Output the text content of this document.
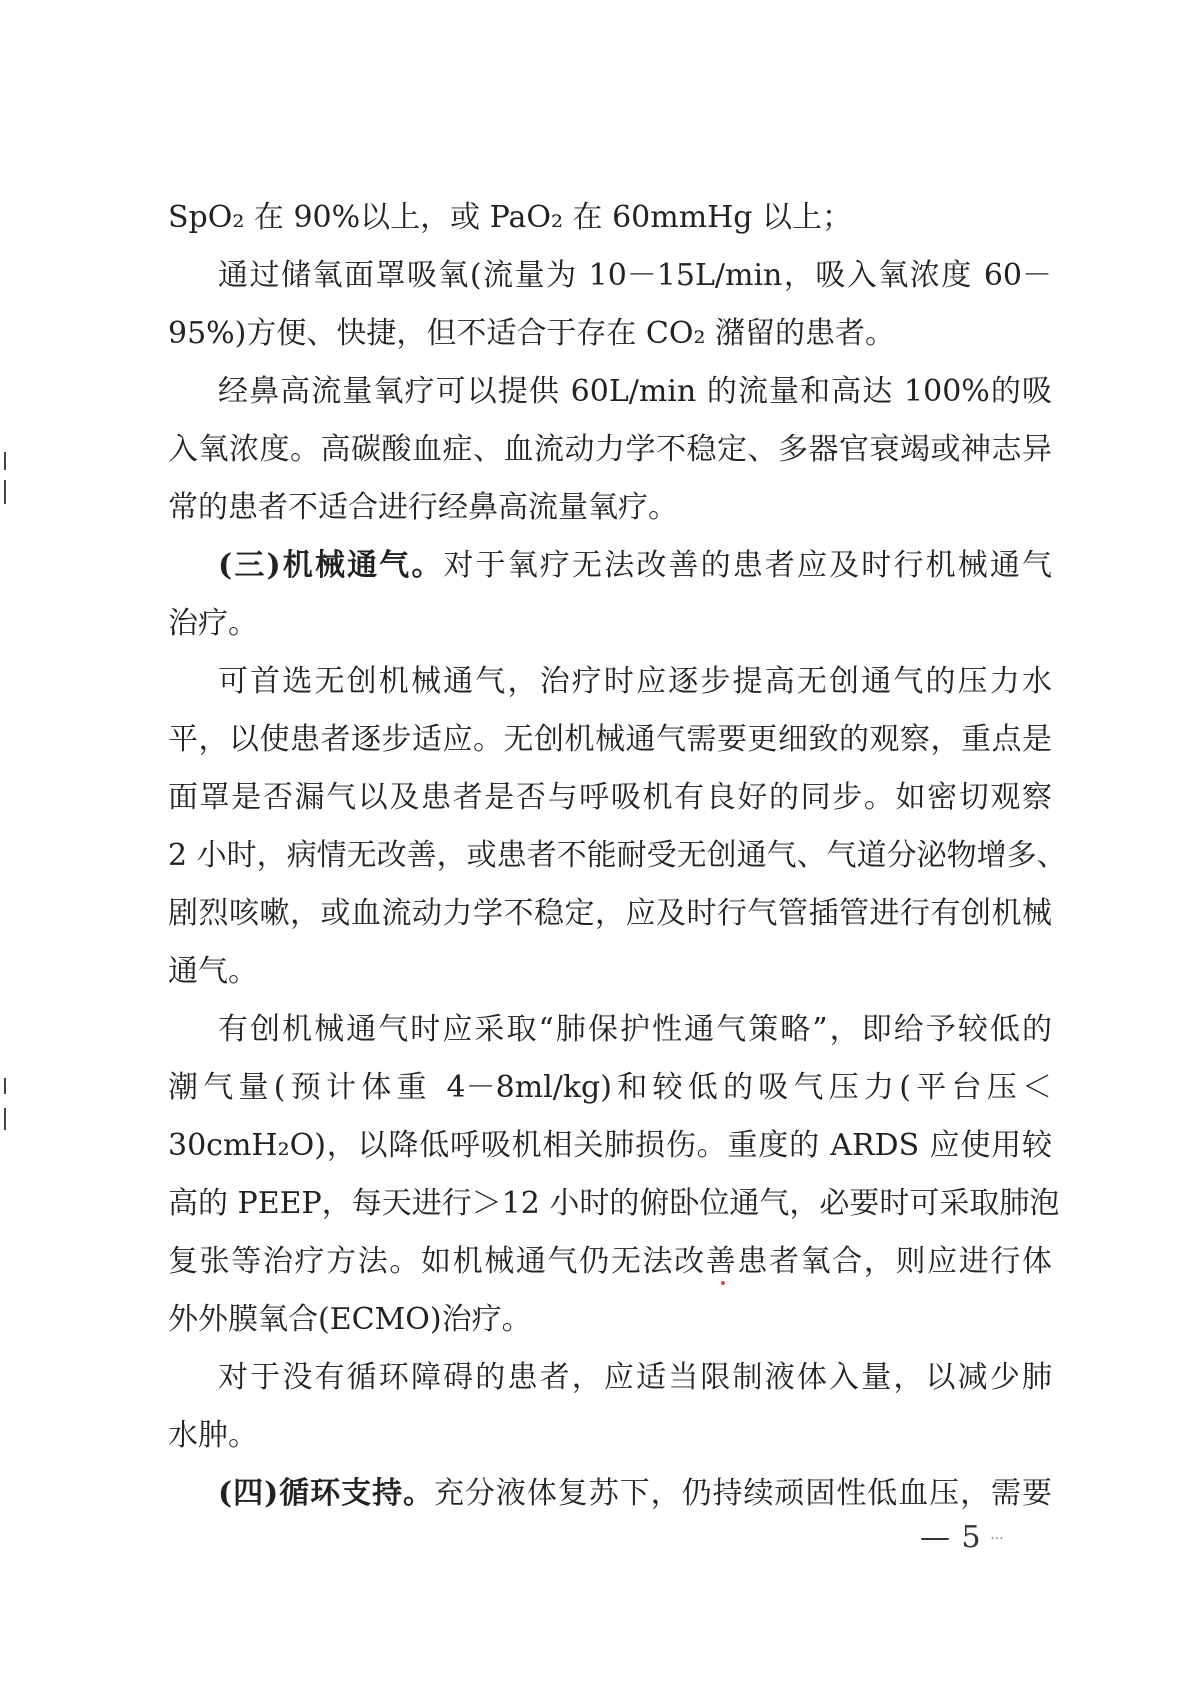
SpO₂ 在 90%以上，或 PaO₂ 在 60mmHg 以上；
通过储氧面罩吸氧(流量为 10－15L/min，吸入氧浓度 60－
95%)方便、快捷，但不适合于存在 CO₂ 潴留的患者。
经鼻高流量氧疗可以提供 60L/min 的流量和高达 100%的吸
入氧浓度。高碳酸血症、血流动力学不稳定、多器官衰竭或神志异
常的患者不适合进行经鼻高流量氧疗。
(三)机械通气。对于氧疗无法改善的患者应及时行机械通气
治疗。
可首选无创机械通气，治疗时应逐步提高无创通气的压力水
平，以使患者逐步适应。无创机械通气需要更细致的观察，重点是
面罩是否漏气以及患者是否与呼吸机有良好的同步。如密切观察
2 小时，病情无改善，或患者不能耐受无创通气、气道分泌物增多、
剧烈咳嗽，或血流动力学不稳定，应及时行气管插管进行有创机械
通气。
有创机械通气时应采取“肺保护性通气策略”，即给予较低的
潮气量(预计体重 4－8ml/kg)和较低的吸气压力(平台压＜
30cmH₂O)，以降低呼吸机相关肺损伤。重度的 ARDS 应使用较
高的 PEEP，每天进行＞12 小时的俯卧位通气，必要时可采取肺泡
复张等治疗方法。如机械通气仍无法改善患者氧合，则应进行体
外外膜氧合(ECMO)治疗。
对于没有循环障碍的患者，应适当限制液体入量，以减少肺
水肿。
(四)循环支持。充分液体复苏下，仍持续顽固性低血压，需要
— 5 ···
